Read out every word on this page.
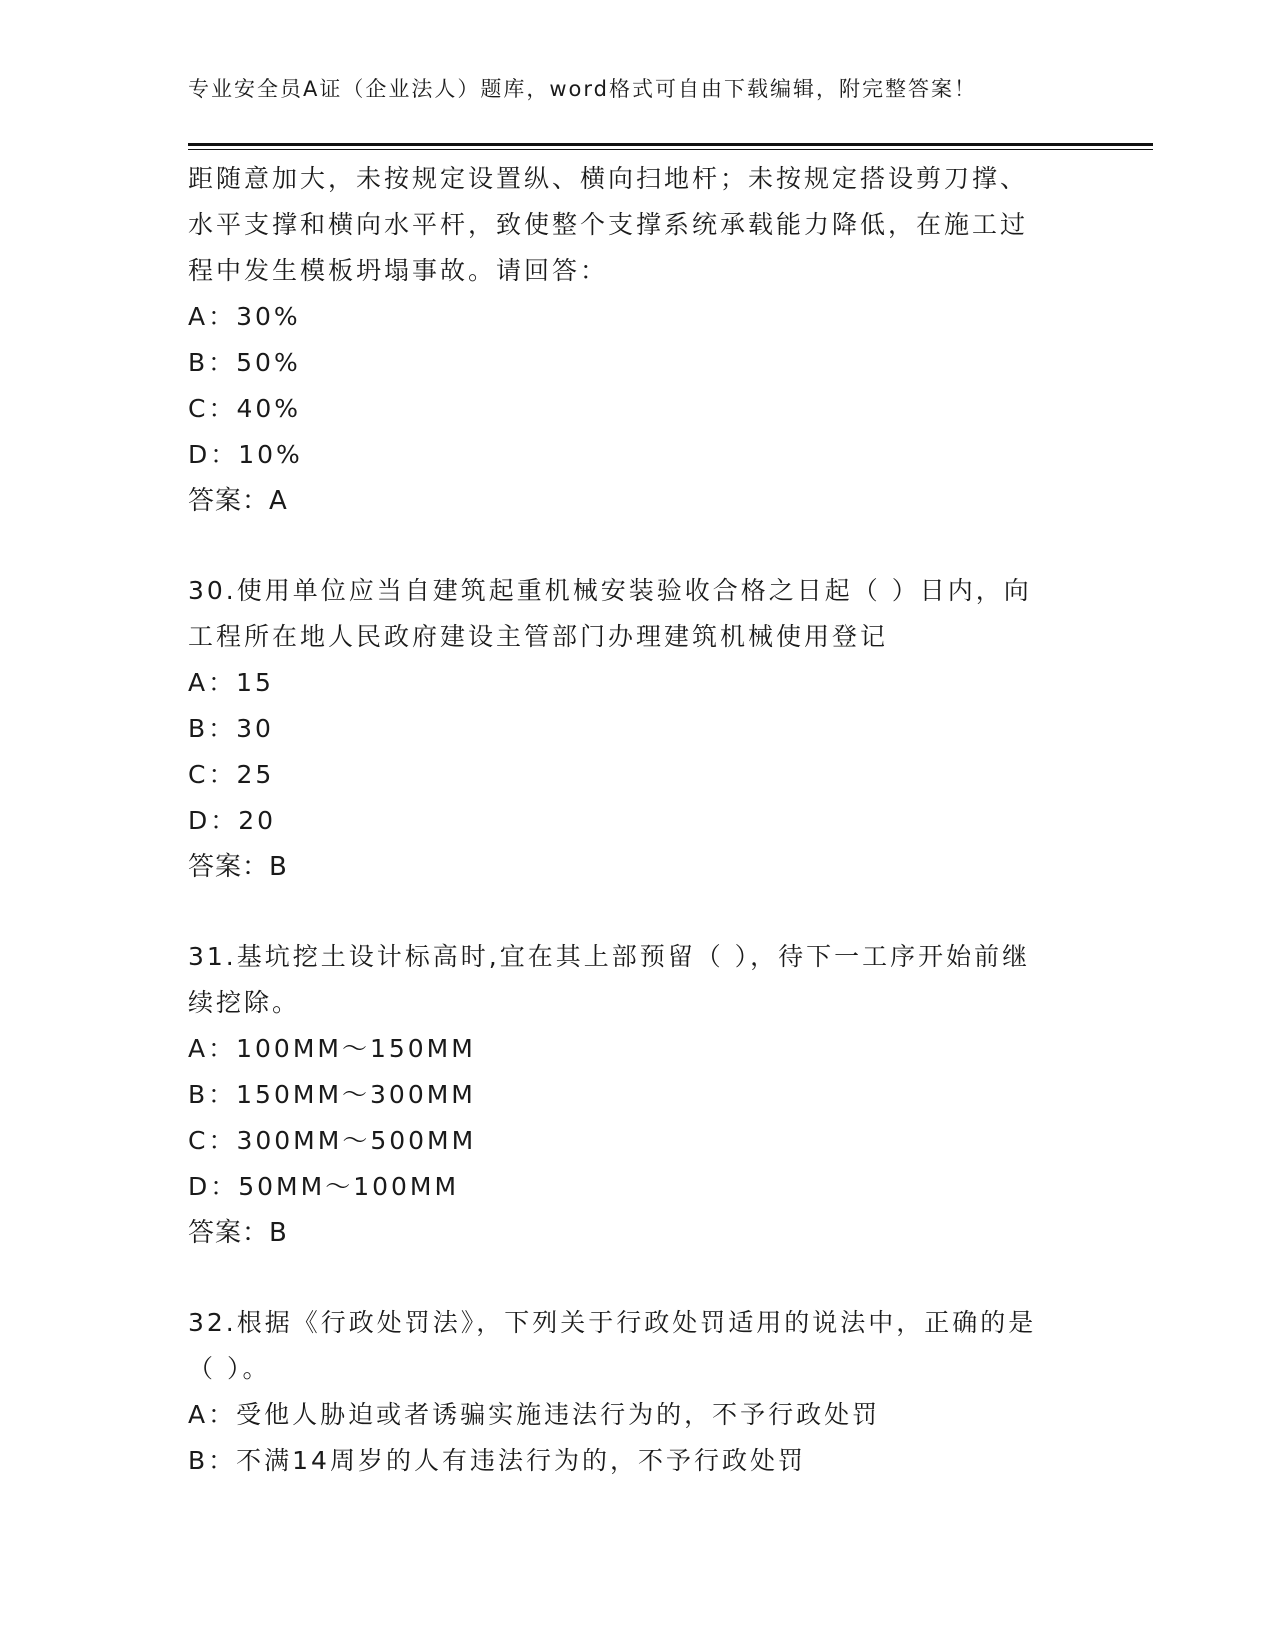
专业安全员A证（企业法人）题库，word格式可自由下载编辑，附完整答案！
距随意加大，未按规定设置纵、横向扫地杆；未按规定搭设剪刀撑、
水平支撑和横向水平杆，致使整个支撑系统承载能力降低，在施工过
程中发生模板坍塌事故。请回答：
A：30%
B：50%
C：40%
D：10%
答案：A
30.使用单位应当自建筑起重机械安装验收合格之日起（ ）日内，向
工程所在地人民政府建设主管部门办理建筑机械使用登记
A：15
B：30
C：25
D：20
答案：B
31.基坑挖土设计标高时,宜在其上部预留（ ），待下一工序开始前继
续挖除。
A：100MM～150MM
B：150MM～300MM
C：300MM～500MM
D：50MM～100MM
答案：B
32.根据《行政处罚法》，下列关于行政处罚适用的说法中，正确的是
（ ）。
A：受他人胁迫或者诱骗实施违法行为的，不予行政处罚
B：不满14周岁的人有违法行为的，不予行政处罚
